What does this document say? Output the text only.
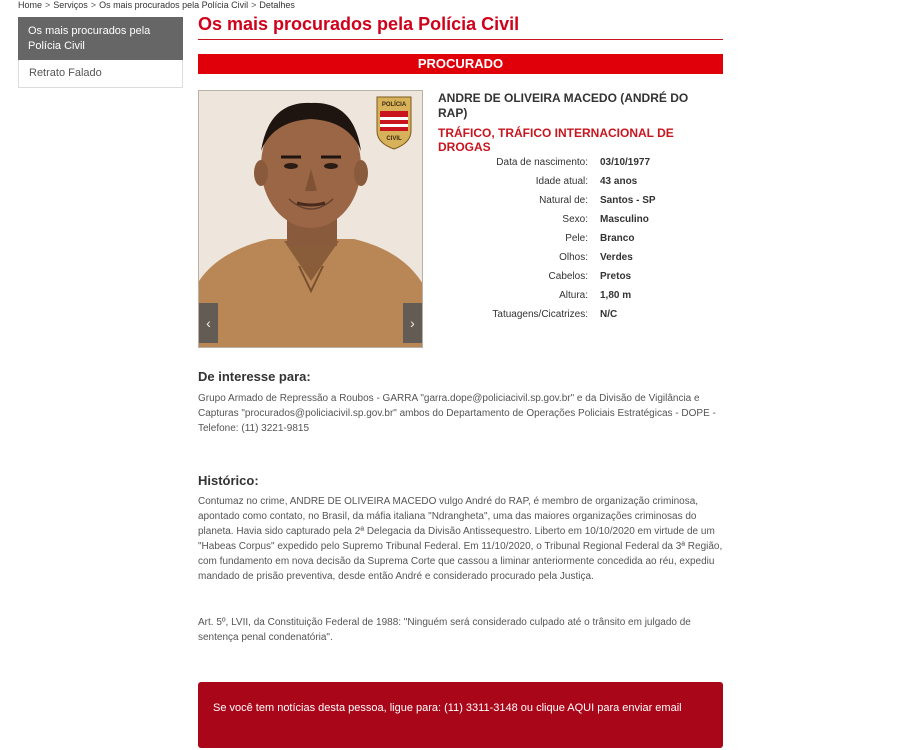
Home > Serviços > Os mais procurados pela Polícia Civil > Detalhes
Os mais procurados pela Polícia Civil
Retrato Falado
Os mais procurados pela Polícia Civil
PROCURADO
POLÍCIA
CIVIL
‹	›
ANDRE DE OLIVEIRA MACEDO (ANDRÉ DO RAP)
TRÁFICO, TRÁFICO INTERNACIONAL DE DROGAS
Data de nascimento: 03/10/1977
Idade atual: 43 anos
Natural de: Santos - SP
Sexo: Masculino
Pele: Branco
Olhos: Verdes
Cabelos: Pretos
Altura: 1,80 m
Tatuagens/Cicatrizes: N/C
De interesse para:
Grupo Armado de Repressão a Roubos - GARRA "garra.dope@policiacivil.sp.gov.br" e da Divisão de Vigilância e Capturas "procurados@policiacivil.sp.gov.br" ambos do Departamento de Operações Policiais Estratégicas - DOPE - Telefone: (11) 3221-9815
Histórico:
Contumaz no crime, ANDRE DE OLIVEIRA MACEDO vulgo André do RAP, é membro de organização criminosa, apontado como contato, no Brasil, da máfia italiana "Ndrangheta", uma das maiores organizações criminosas do planeta. Havia sido capturado pela 2ª Delegacia da Divisão Antissequestro. Liberto em 10/10/2020 em virtude de um "Habeas Corpus" expedido pelo Supremo Tribunal Federal. Em 11/10/2020, o Tribunal Regional Federal da 3ª Região, com fundamento em nova decisão da Suprema Corte que cassou a liminar anteriormente concedida ao réu, expediu mandado de prisão preventiva, desde então André e considerado procurado pela Justiça.
Art. 5º, LVII, da Constituição Federal de 1988: "Ninguém será considerado culpado até o trânsito em julgado de sentença penal condenatória".
Se você tem notícias desta pessoa, ligue para: (11) 3311-3148 ou clique AQUI para enviar email
